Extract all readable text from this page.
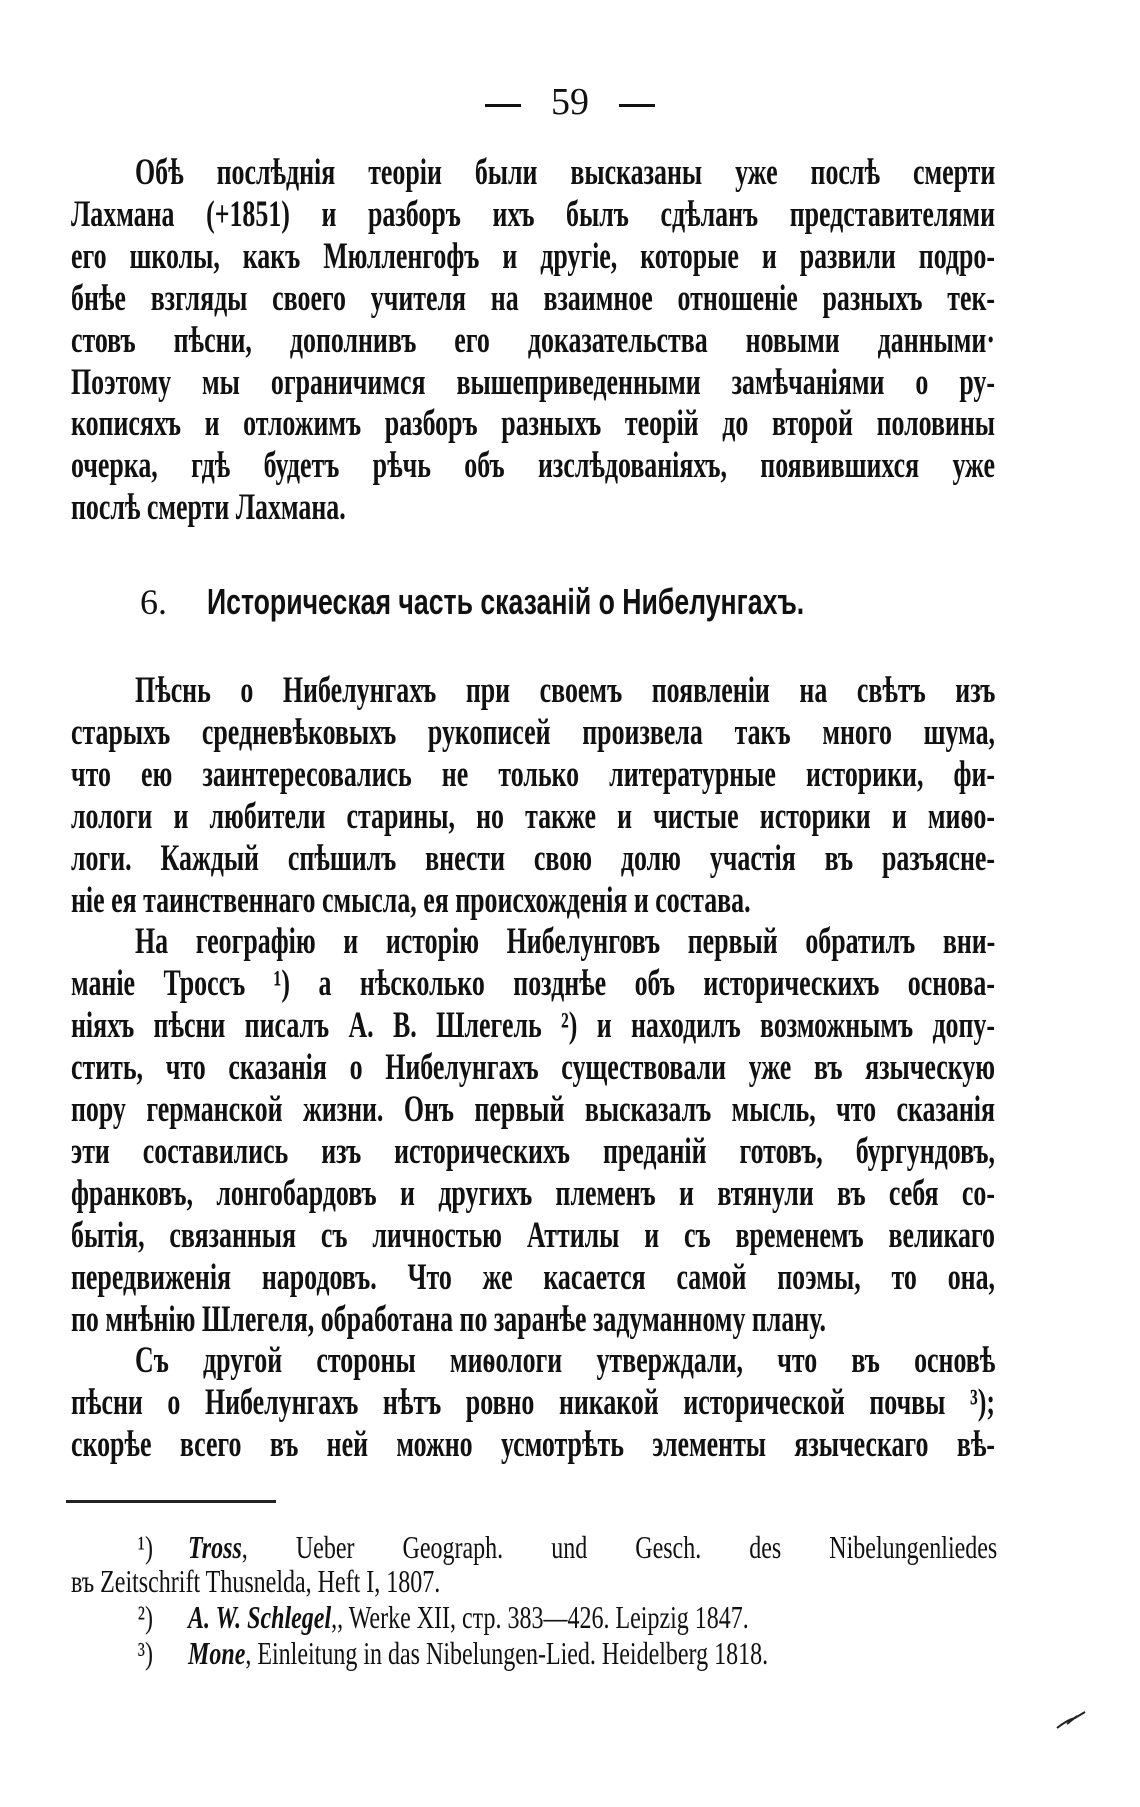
59
Обѣ послѣднія теоріи были высказаны уже послѣ смерти
Лахмана (+1851) и разборъ ихъ былъ сдѣланъ представителями
его школы, какъ Мюлленгофъ и другіе, которые и развили подро-
бнѣе взгляды своего учителя на взаимное отношеніе разныхъ тек-
стовъ пѣсни, дополнивъ его доказательства новыми данными·
Поэтому мы ограничимся вышеприведенными замѣчаніями о ру-
кописяхъ и отложимъ разборъ разныхъ теорій до второй половины
очерка, гдѣ будетъ рѣчь объ изслѣдованіяхъ, появившихся уже
послѣ смерти Лахмана.
Пѣснь о Нибелунгахъ при своемъ появленіи на свѣтъ изъ
старыхъ средневѣковыхъ рукописей произвела такъ много шума,
что ею заинтересовались не только литературные историки, фи-
лологи и любители старины, но также и чистые историки и миѳо-
логи. Каждый спѣшилъ внести свою долю участія въ разъясне-
ніе ея таинственнаго смысла, ея происхожденія и состава.
На географію и исторію Нибелунговъ первый обратилъ вни-
маніе Троссъ ¹) а нѣсколько позднѣе объ историческихъ основа-
ніяхъ пѣсни писалъ А. В. Шлегель ²) и находилъ возможнымъ допу-
стить, что сказанія о Нибелунгахъ существовали уже въ языческую
пору германской жизни. Онъ первый высказалъ мысль, что сказанія
эти составились изъ историческихъ преданій готовъ, бургундовъ,
франковъ, лонгобардовъ и другихъ племенъ и втянули въ себя со-
бытія, связанныя съ личностью Аттилы и съ временемъ великаго
передвиженія народовъ. Что же касается самой поэмы, то она,
по мнѣнію Шлегеля, обработана по заранѣе задуманному плану.
Съ другой стороны миѳологи утверждали, что въ основѣ
пѣсни о Нибелунгахъ нѣтъ ровно никакой исторической почвы ³);
скорѣе всего въ ней можно усмотрѣть элементы языческаго вѣ-
6. Историческая часть сказаній о Нибелунгахъ.
¹) Tross, Ueber Geograph. und Gesch. des Nibelungenliedes
въ Zeitschrift Thusnelda, Heft I, 1807.
²) A. W. Schlegel,, Werke XII, стр. 383—426. Leipzig 1847.
³) Mone, Einleitung in das Nibelungen-Lied. Heidelberg 1818.
